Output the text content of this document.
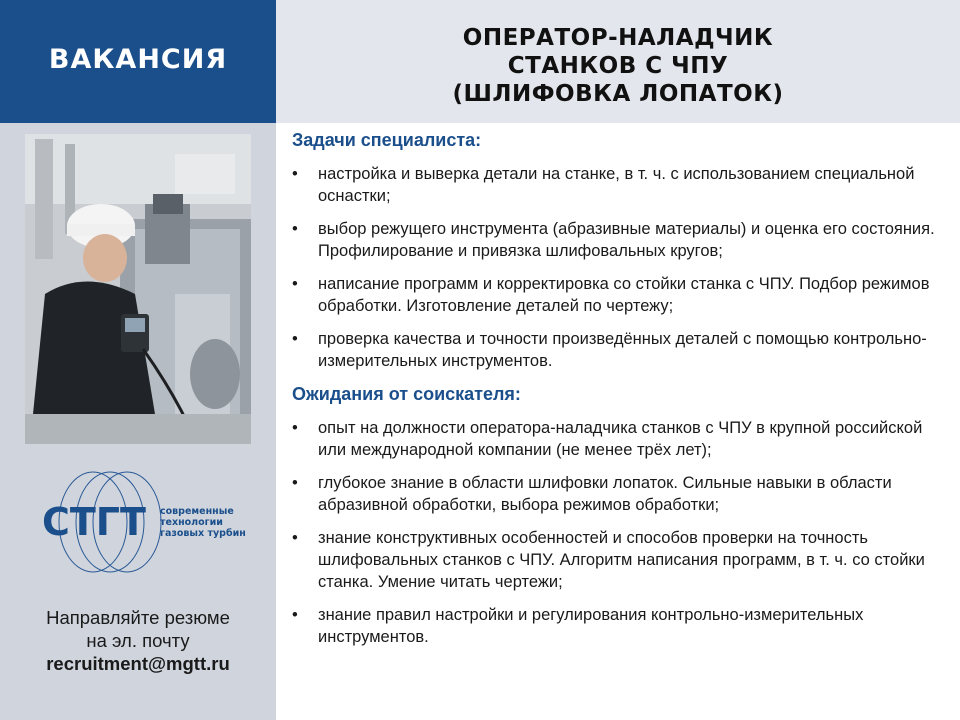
ВАКАНСИЯ
СТГТ современные
технологии
газовых турбин
Направляйте резюме
на эл. почту
recruitment@mgtt.ru
ОПЕРАТОР-НАЛАДЧИК
СТАНКОВ С ЧПУ
(ШЛИФОВКА ЛОПАТОК)
Задачи специалиста:
• настройка и выверка детали на станке, в т. ч. с использованием специальной оснастки;
• выбор режущего инструмента (абразивные материалы) и оценка его состояния. Профилирование и привязка шлифовальных кругов;
• написание программ и корректировка со стойки станка с ЧПУ. Подбор режимов обработки. Изготовление деталей по чертежу;
• проверка качества и точности произведённых деталей с помощью контрольно-измерительных инструментов.
Ожидания от соискателя:
• опыт на должности оператора-наладчика станков с ЧПУ в крупной российской или международной компании (не менее трёх лет);
• глубокое знание в области шлифовки лопаток. Сильные навыки в области абразивной обработки, выбора режимов обработки;
• знание конструктивных особенностей и способов проверки на точность шлифовальных станков с ЧПУ. Алгоритм написания программ, в т. ч. со стойки станка. Умение читать чертежи;
• знание правил настройки и регулирования контрольно-измерительных инструментов.
